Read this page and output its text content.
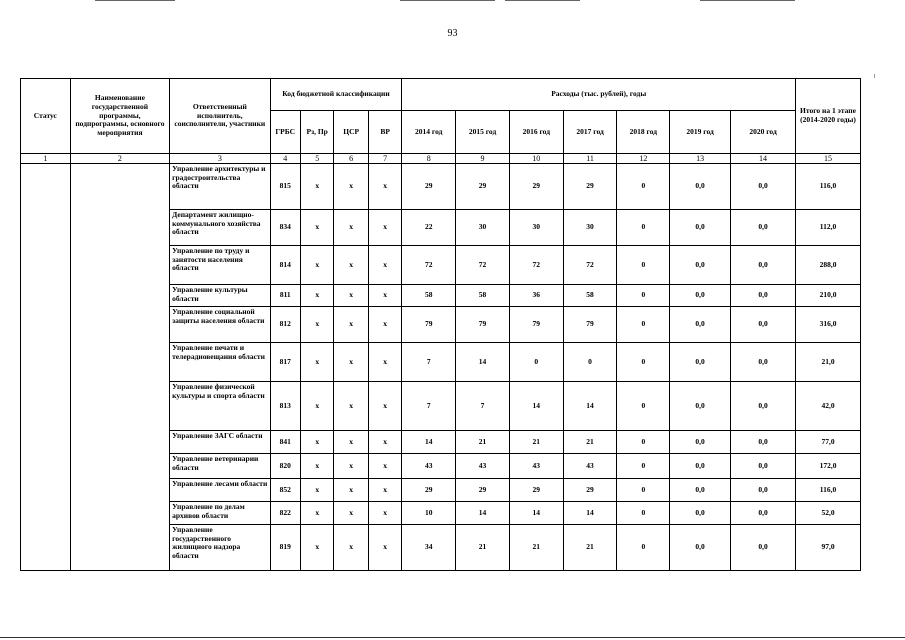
93
Статус	Наименование государственной программы, подпрограммы, основного мероприятия	Ответственный исполнитель, соисполнители, участники	Код бюджетной классификации				Расходы (тыс. рублей), годы							Итого на 1 этапе (2014-2020 годы)
			ГРБС	Рз, Пр	ЦСР	ВР	2014 год	2015 год	2016 год	2017 год	2018 год	2019 год	2020 год	
1	2	3	4	5	6	7	8	9	10	11	12	13	14	15
		Управление архитектуры и градостроительства области	815	х	х	х	29	29	29	29	0	0,0	0,0	116,0
		Департамент жилищно-коммунального хозяйства области	834	х	х	х	22	30	30	30	0	0,0	0,0	112,0
		Управление по труду и занятости населения области	814	х	х	х	72	72	72	72	0	0,0	0,0	288,0
		Управление культуры области	811	х	х	х	58	58	36	58	0	0,0	0,0	210,0
		Управление социальной защиты населения области	812	х	х	х	79	79	79	79	0	0,0	0,0	316,0
		Управление печати и телерадиовещания области	817	х	х	х	7	14	0	0	0	0,0	0,0	21,0
		Управление физической культуры и спорта области	813	х	х	х	7	7	14	14	0	0,0	0,0	42,0
		Управление ЗАГС области	841	х	х	х	14	21	21	21	0	0,0	0,0	77,0
		Управление ветеринарии области	820	х	х	х	43	43	43	43	0	0,0	0,0	172,0
		Управление лесами области	852	х	х	х	29	29	29	29	0	0,0	0,0	116,0
		Управление по делам архивов области	822	х	х	х	10	14	14	14	0	0,0	0,0	52,0
		Управление государственного жилищного надзора области	819	х	х	х	34	21	21	21	0	0,0	0,0	97,0
